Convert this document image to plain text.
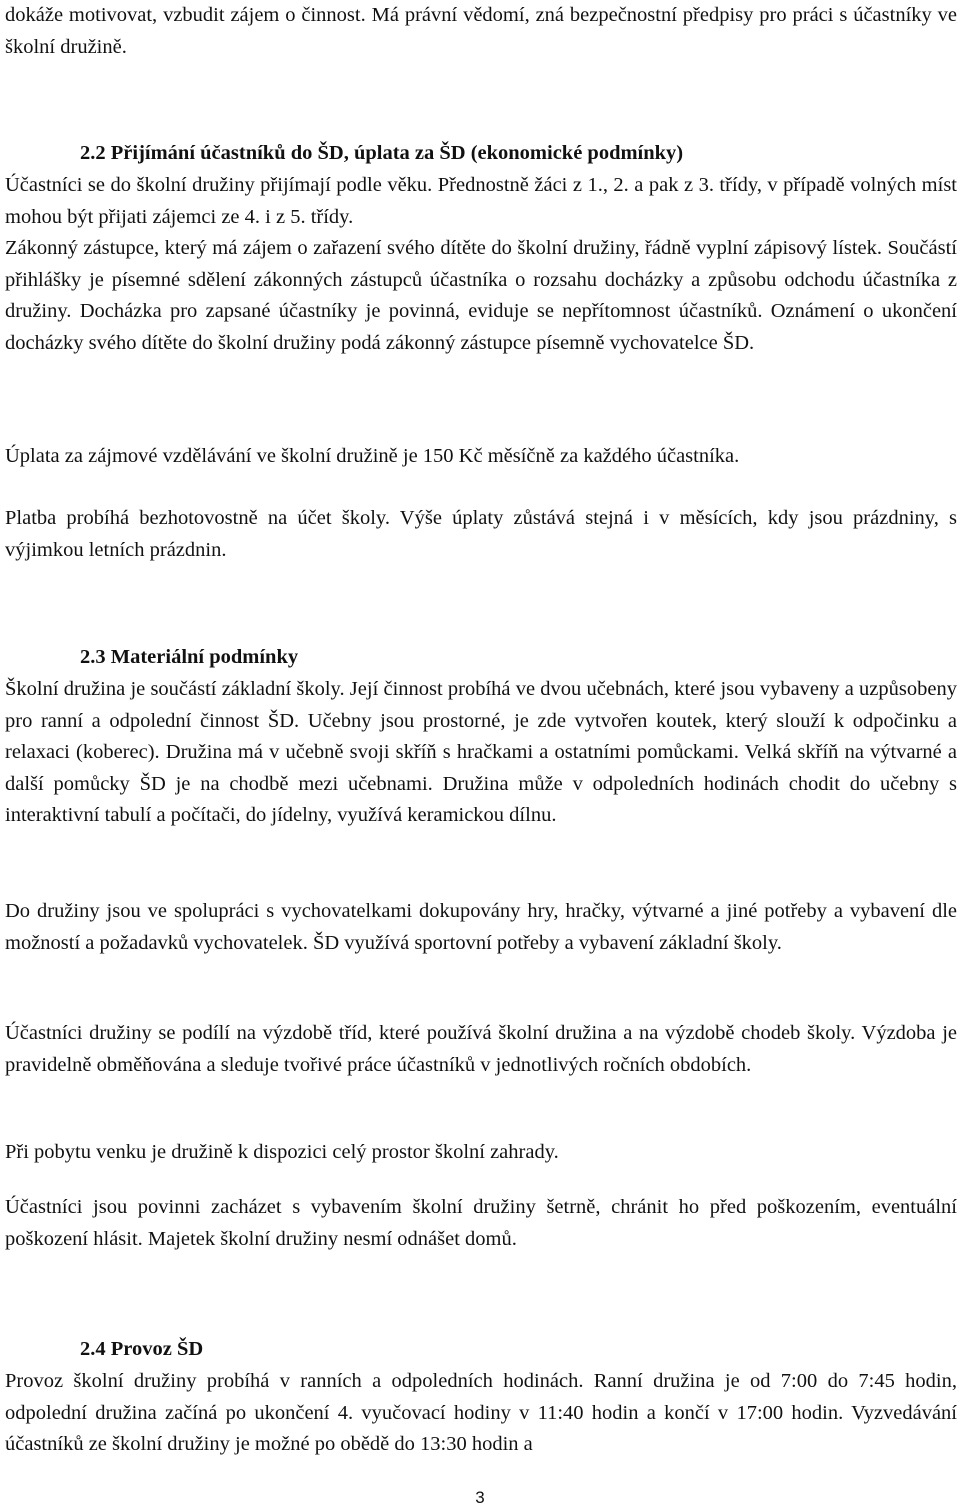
dokáže motivovat, vzbudit zájem o činnost. Má právní vědomí, zná bezpečnostní předpisy pro práci s účastníky ve školní družině.

2.2 Přijímání účastníků do ŠD, úplata za ŠD (ekonomické podmínky)

Účastníci se do školní družiny přijímají podle věku. Přednostně žáci z 1., 2. a pak z 3. třídy, v případě volných míst mohou být přijati zájemci ze 4. i z 5. třídy.

Zákonný zástupce, který má zájem o zařazení svého dítěte do školní družiny, řádně vyplní zápisový lístek. Součástí přihlášky je písemné sdělení zákonných zástupců účastníka o rozsahu docházky a způsobu odchodu účastníka z družiny. Docházka pro zapsané účastníky je povinná, eviduje se nepřítomnost účastníků. Oznámení o ukončení docházky svého dítěte do školní družiny podá zákonný zástupce písemně vychovatelce ŠD.

Úplata za zájmové vzdělávání ve školní družině je 150 Kč měsíčně za každého účastníka.

Platba probíhá bezhotovostně na účet školy. Výše úplaty zůstává stejná i v měsících, kdy jsou prázdniny, s výjimkou letních prázdnin.

2.3 Materiální podmínky

Školní družina je součástí základní školy. Její činnost probíhá ve dvou učebnách, které jsou vybaveny a uzpůsobeny pro ranní a odpolední činnost ŠD. Učebny jsou prostorné, je zde vytvořen koutek, který slouží k odpočinku a relaxaci (koberec). Družina má v učebně svoji skříň s hračkami a ostatními pomůckami. Velká skříň na výtvarné a další pomůcky ŠD je na chodbě mezi učebnami. Družina může v odpoledních hodinách chodit do učebny s interaktivní tabulí a počítači, do jídelny, využívá keramickou dílnu.

Do družiny jsou ve spolupráci s vychovatelkami dokupovány hry, hračky, výtvarné a jiné potřeby a vybavení dle možností a požadavků vychovatelek. ŠD využívá sportovní potřeby a vybavení základní školy.

Účastníci družiny se podílí na výzdobě tříd, které používá školní družina a na výzdobě chodeb školy. Výzdoba je pravidelně obměňována a sleduje tvořivé práce účastníků v jednotlivých ročních obdobích.

Při pobytu venku je družině k dispozici celý prostor školní zahrady.

Účastníci jsou povinni zacházet s vybavením školní družiny šetrně, chránit ho před poškozením, eventuální poškození hlásit. Majetek školní družiny nesmí odnášet domů.

2.4 Provoz ŠD

Provoz školní družiny probíhá v ranních a odpoledních hodinách. Ranní družina je od 7:00 do 7:45 hodin, odpolední družina začíná po ukončení 4. vyučovací hodiny v 11:40 hodin a končí v 17:00 hodin. Vyzvedávání účastníků ze školní družiny je možné po obědě do 13:30 hodin a

3
